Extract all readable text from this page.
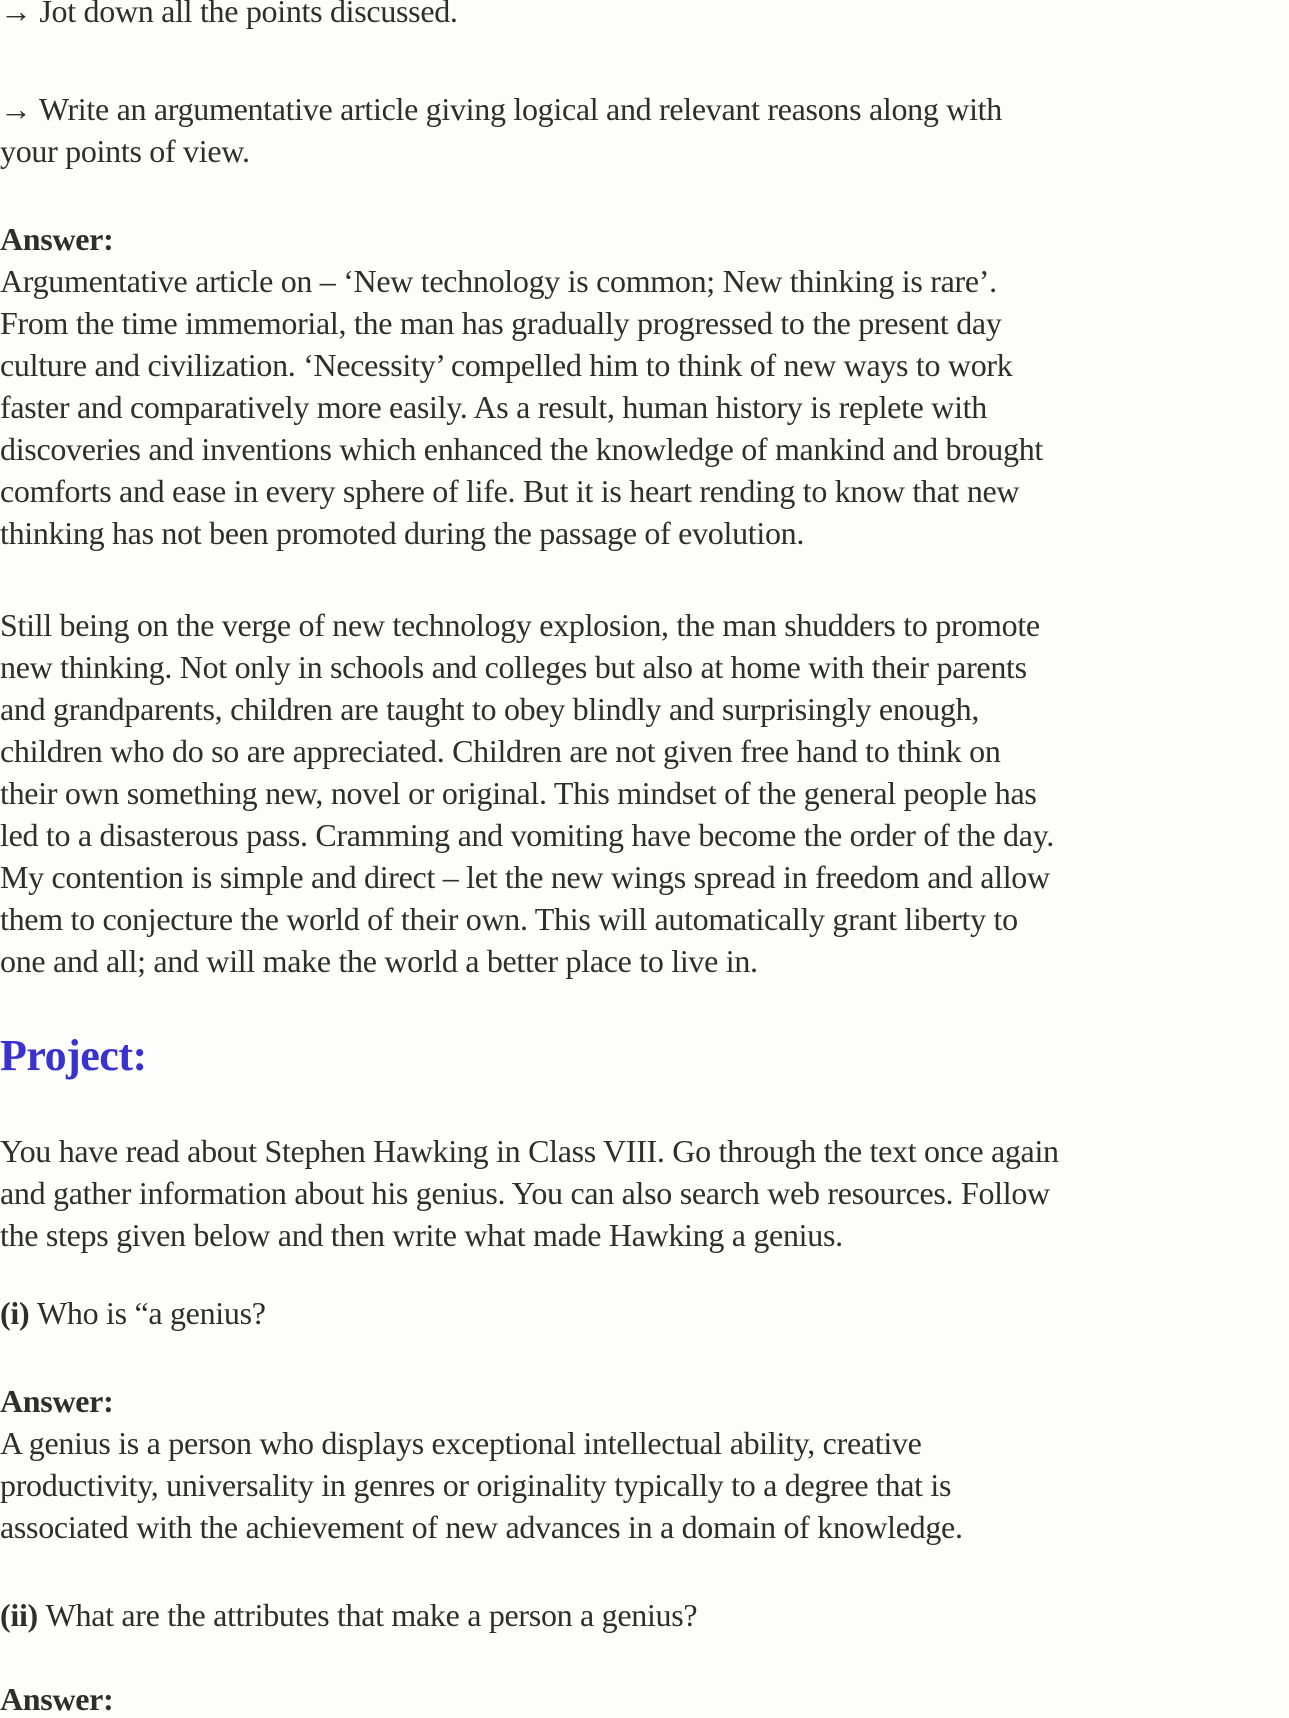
→ Jot down all the points discussed.
→ Write an argumentative article giving logical and relevant reasons along with
your points of view.
Answer:
Argumentative article on – ‘New technology is common; New thinking is rare’.
From the time immemorial, the man has gradually progressed to the present day
culture and civilization. ‘Necessity’ compelled him to think of new ways to work
faster and comparatively more easily. As a result, human history is replete with
discoveries and inventions which enhanced the knowledge of mankind and brought
comforts and ease in every sphere of life. But it is heart rending to know that new
thinking has not been promoted during the passage of evolution.
Still being on the verge of new technology explosion, the man shudders to promote
new thinking. Not only in schools and colleges but also at home with their parents
and grandparents, children are taught to obey blindly and surprisingly enough,
children who do so are appreciated. Children are not given free hand to think on
their own something new, novel or original. This mindset of the general people has
led to a disasterous pass. Cramming and vomiting have become the order of the day.
My contention is simple and direct – let the new wings spread in freedom and allow
them to conjecture the world of their own. This will automatically grant liberty to
one and all; and will make the world a better place to live in.
Project:
You have read about Stephen Hawking in Class VIII. Go through the text once again
and gather information about his genius. You can also search web resources. Follow
the steps given below and then write what made Hawking a genius.
(i) Who is “a genius?
Answer:
A genius is a person who displays exceptional intellectual ability, creative
productivity, universality in genres or originality typically to a degree that is
associated with the achievement of new advances in a domain of knowledge.
(ii) What are the attributes that make a person a genius?
Answer:
